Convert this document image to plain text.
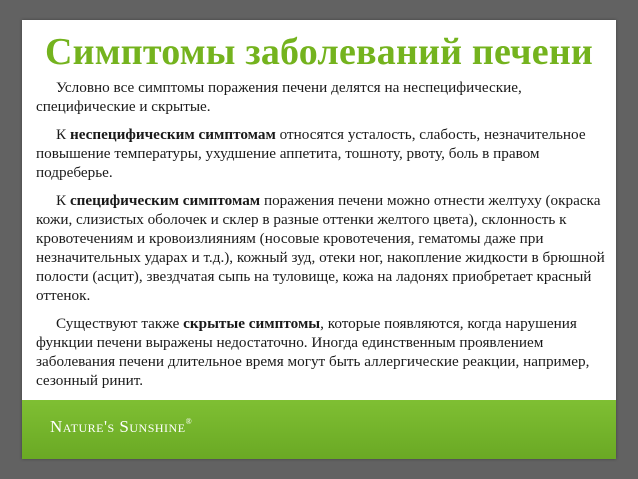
Симптомы заболеваний печени

Условно все симптомы поражения печени делятся на неспецифические, специфические и скрытые.

К неспецифическим симптомам относятся усталость, слабость, незначительное повышение температуры, ухудшение аппетита, тошноту, рвоту, боль в правом подреберье.

К специфическим симптомам поражения печени можно отнести желтуху (окраска кожи, слизистых оболочек и склер в разные оттенки желтого цвета), склонность к кровотечениям и кровоизлияниям (носовые кровотечения, гематомы даже при незначительных ударах и т.д.), кожный зуд, отеки ног, накопление жидкости в брюшной полости (асцит), звездчатая сыпь на туловище, кожа на ладонях приобретает красный оттенок.

Существуют также скрытые симптомы, которые появляются, когда нарушения функции печени выражены недостаточно. Иногда единственным проявлением заболевания печени длительное время могут быть аллергические реакции, например, сезонный ринит.

Nature's Sunshine®
